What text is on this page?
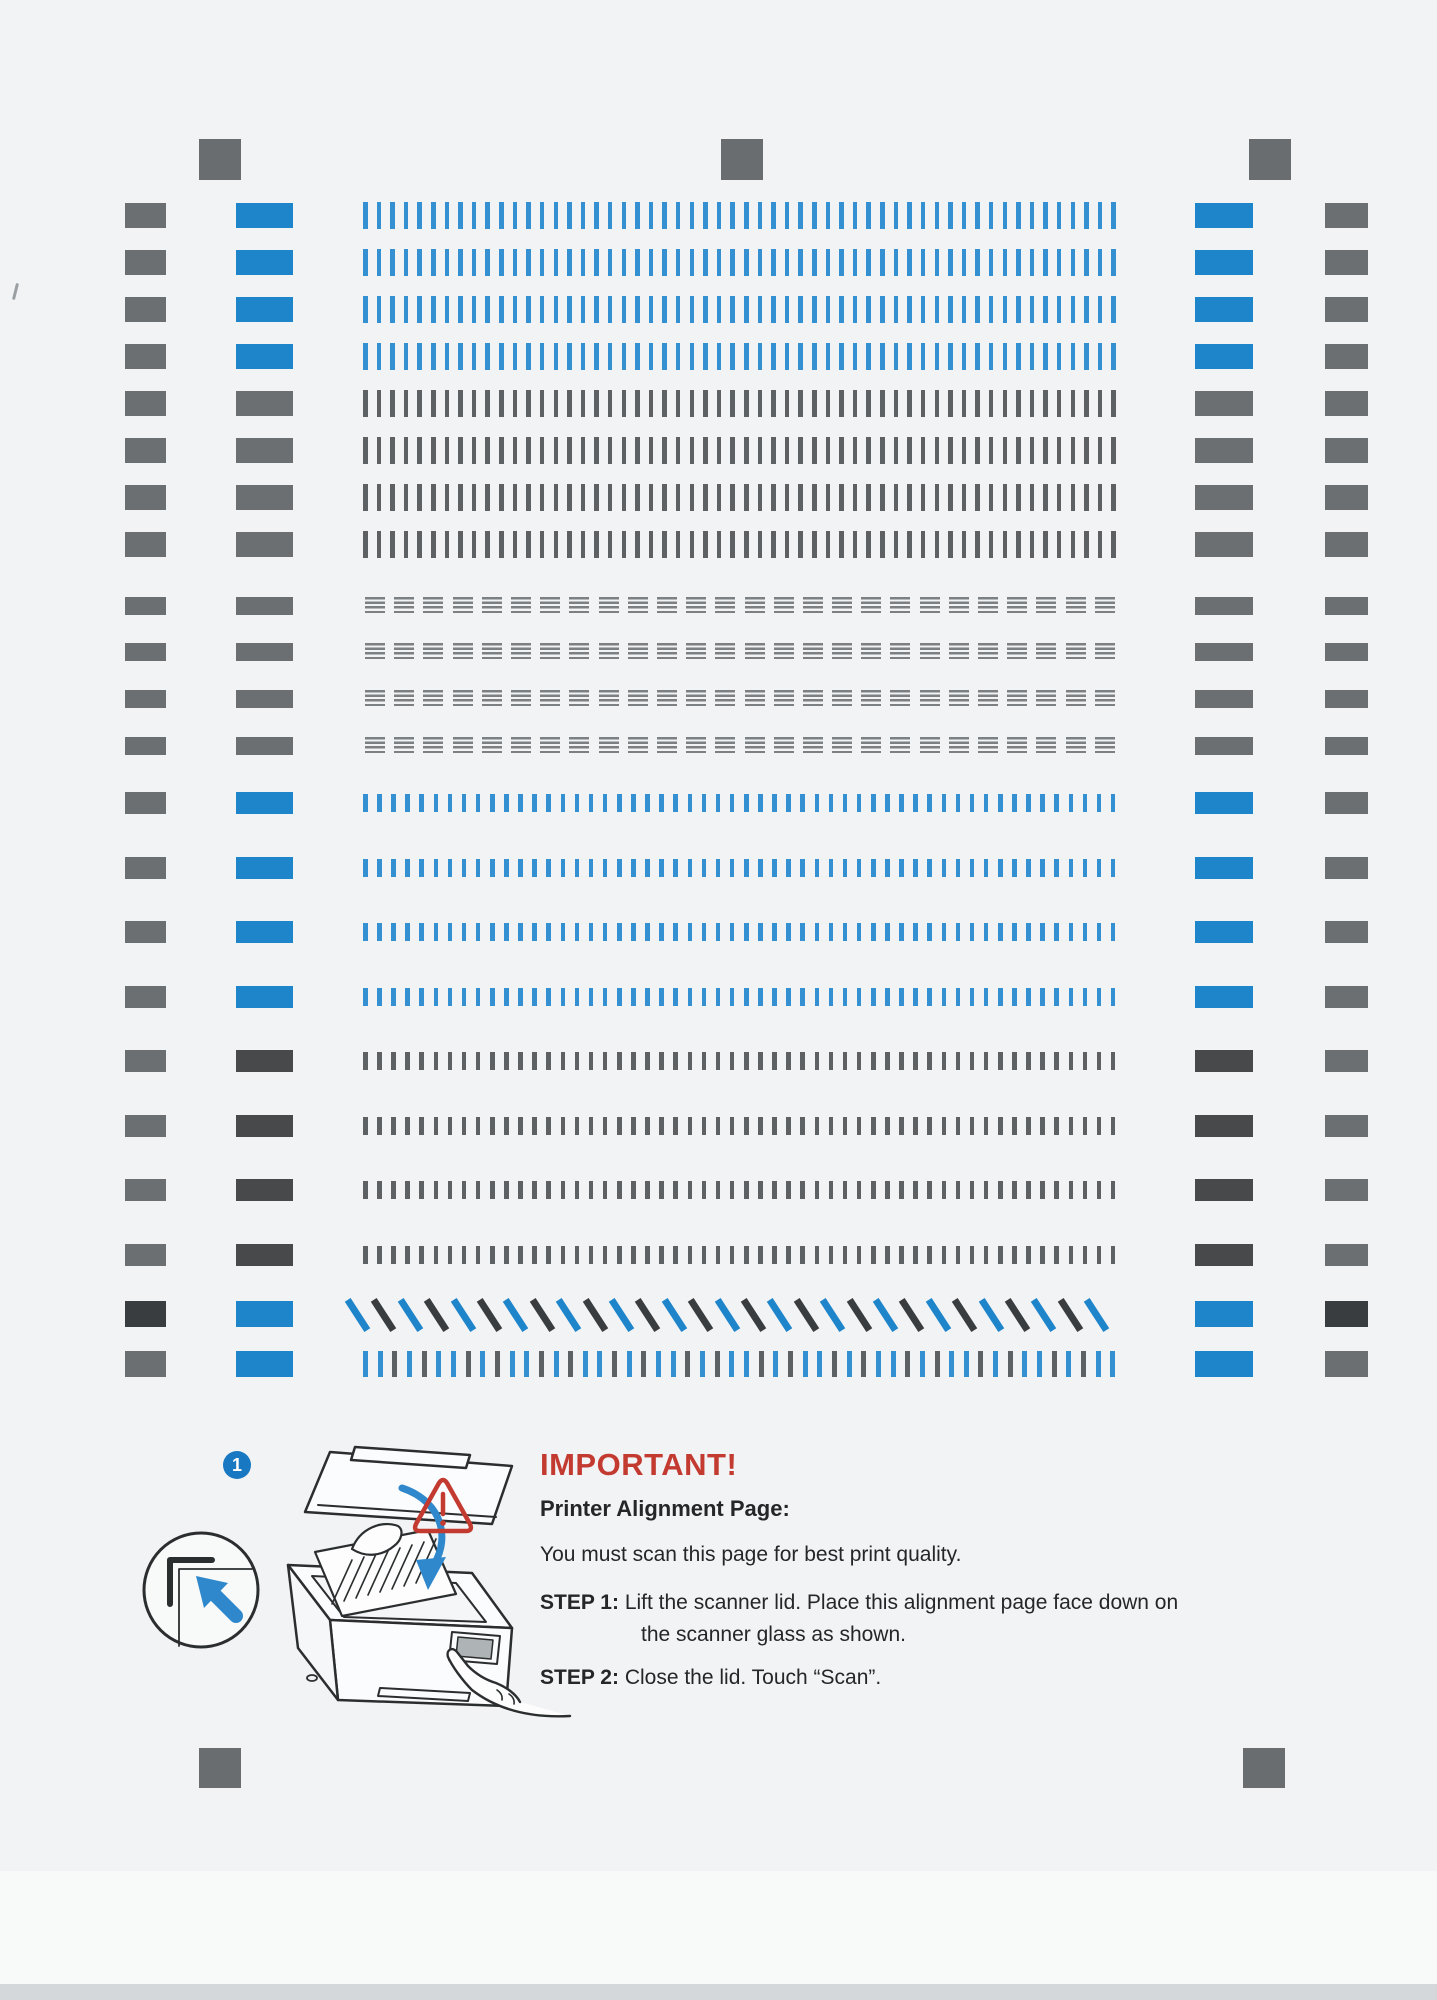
1	IMPORTANT!
Printer Alignment Page:
You must scan this page for best print quality.
STEP 1: Lift the scanner lid. Place this alignment page face down on
the scanner glass as shown.
STEP 2: Close the lid. Touch “Scan”.
